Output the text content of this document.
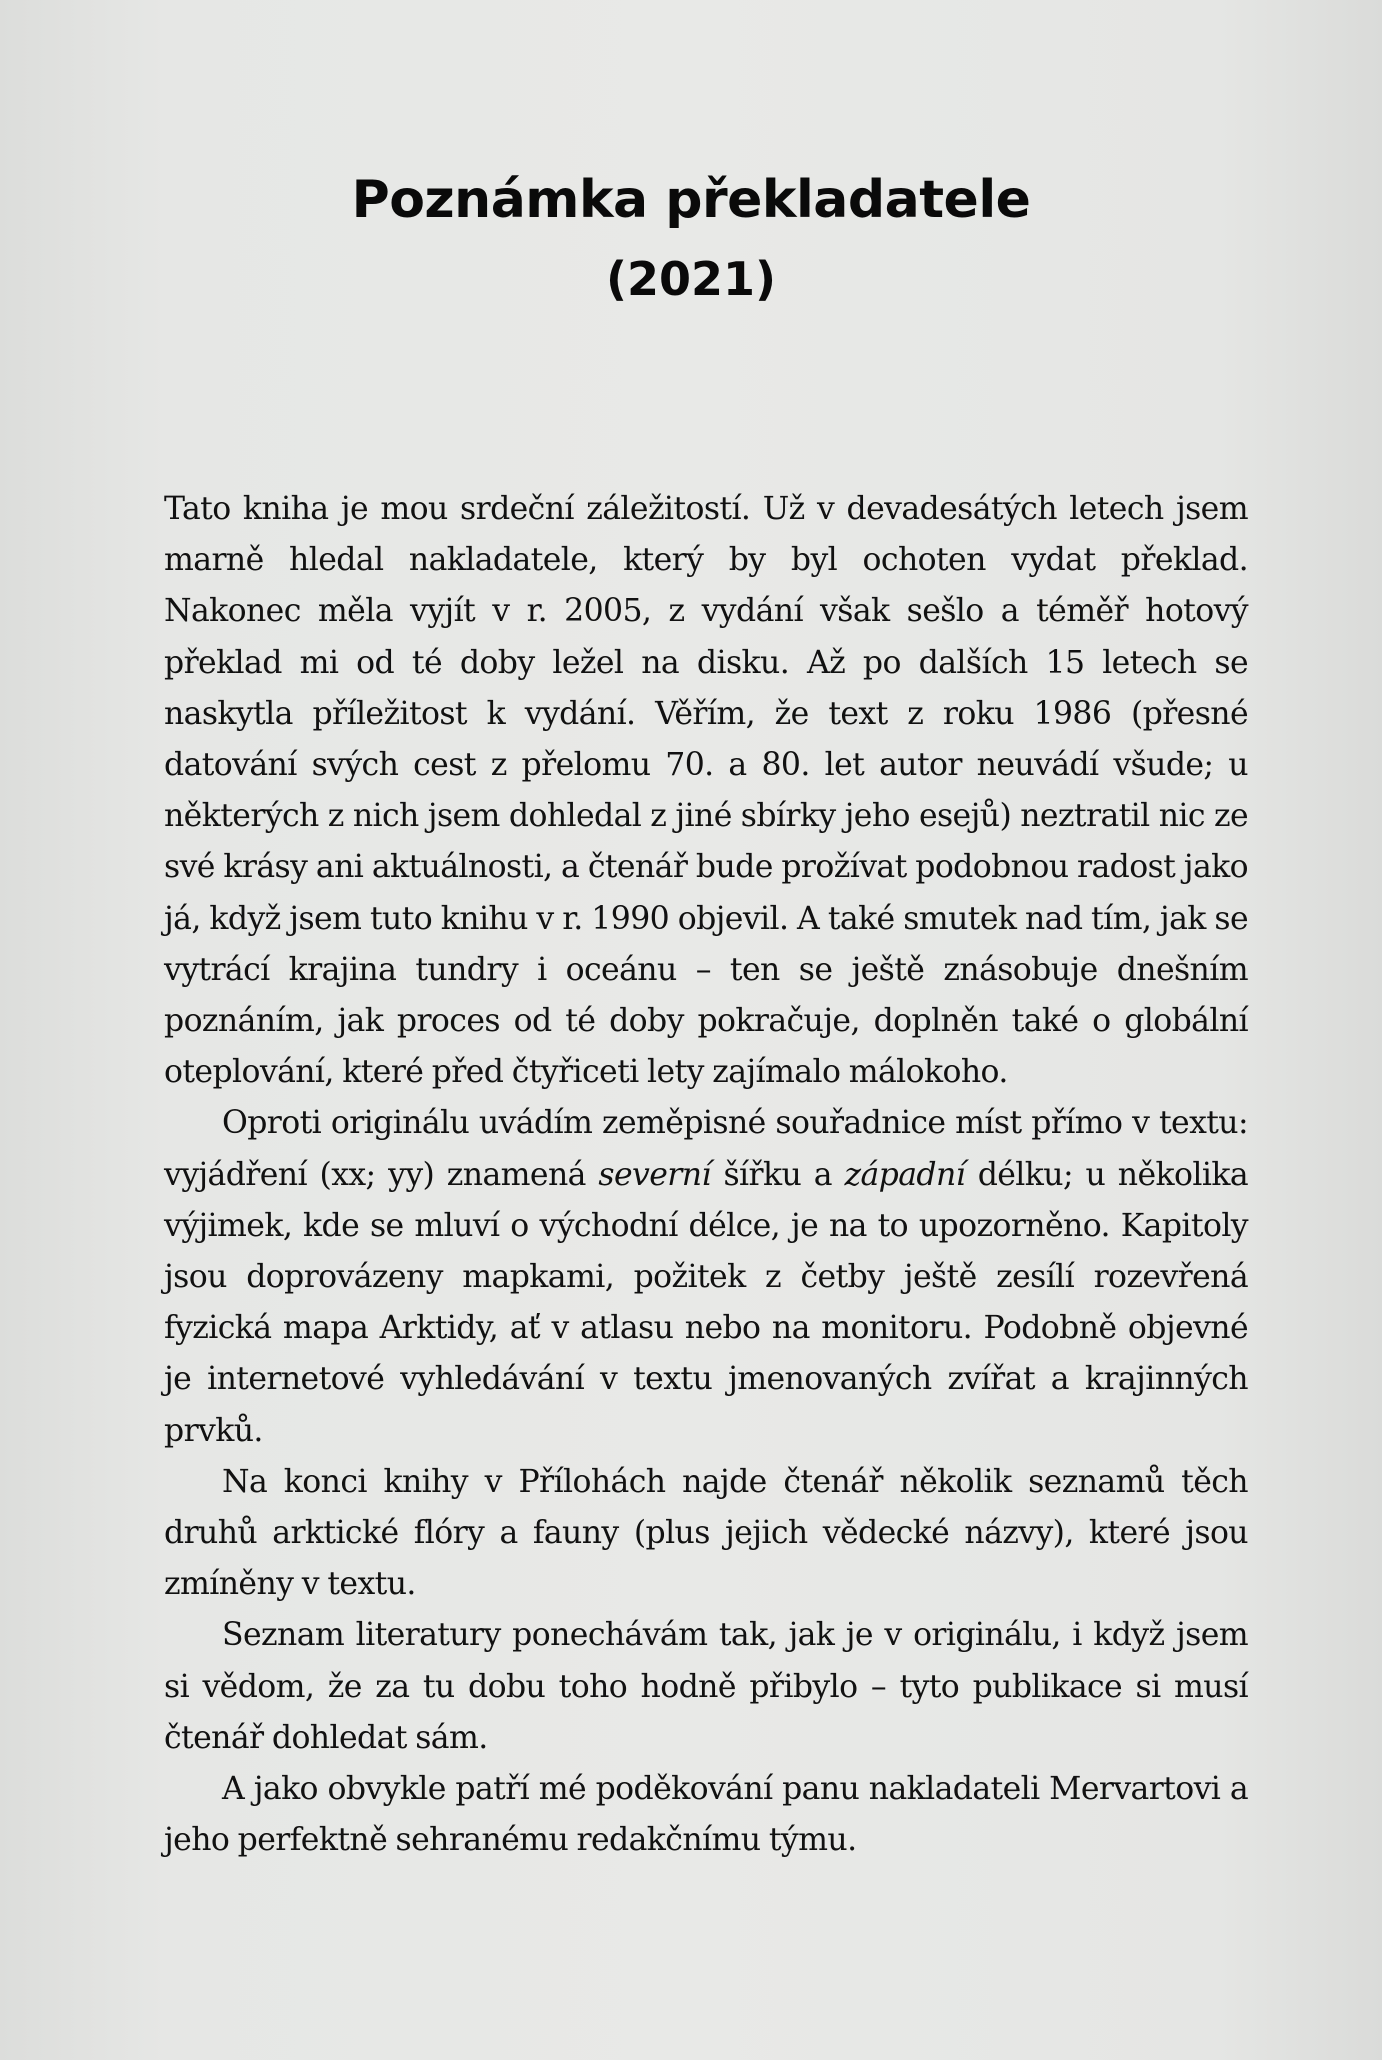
Poznámka překladatele
(2021)

Tato kniha je mou srdeční záležitostí. Už v devadesátých letech jsem marně hledal nakladatele, který by byl ochoten vydat překlad. Nakonec měla vyjít v r. 2005, z vydání však sešlo a téměř hotový překlad mi od té doby ležel na disku. Až po dalších 15 letech se naskytla příležitost k vydání. Věřím, že text z roku 1986 (přesné datování svých cest z přelomu 70. a 80. let autor neuvádí všude; u některých z nich jsem dohledal z jiné sbírky jeho esejů) neztratil nic ze své krásy ani aktuálnosti, a čtenář bude prožívat podobnou radost jako já, když jsem tuto knihu v r. 1990 objevil. A také smutek nad tím, jak se vytrácí krajina tundry i oceánu – ten se ještě znásobuje dnešním poznáním, jak proces od té doby pokračuje, doplněn také o globální oteplování, které před čtyřiceti lety zajímalo málokoho.

Oproti originálu uvádím zeměpisné souřadnice míst přímo v textu: vyjádření (xx; yy) znamená severní šířku a západní délku; u několika výjimek, kde se mluví o východní délce, je na to upozorněno. Kapitoly jsou doprovázeny mapkami, požitek z četby ještě zesílí rozevřená fyzická mapa Arktidy, ať v atlasu nebo na monitoru. Podobně objevné je internetové vyhledávání v textu jmenovaných zvířat a krajinných prvků.

Na konci knihy v Přílohách najde čtenář několik seznamů těch druhů arktické flóry a fauny (plus jejich vědecké názvy), které jsou zmíněny v textu.

Seznam literatury ponechávám tak, jak je v originálu, i když jsem si vědom, že za tu dobu toho hodně přibylo – tyto publikace si musí čtenář dohledat sám.

A jako obvykle patří mé poděkování panu nakladateli Mervartovi a jeho perfektně sehranému redakčnímu týmu.
